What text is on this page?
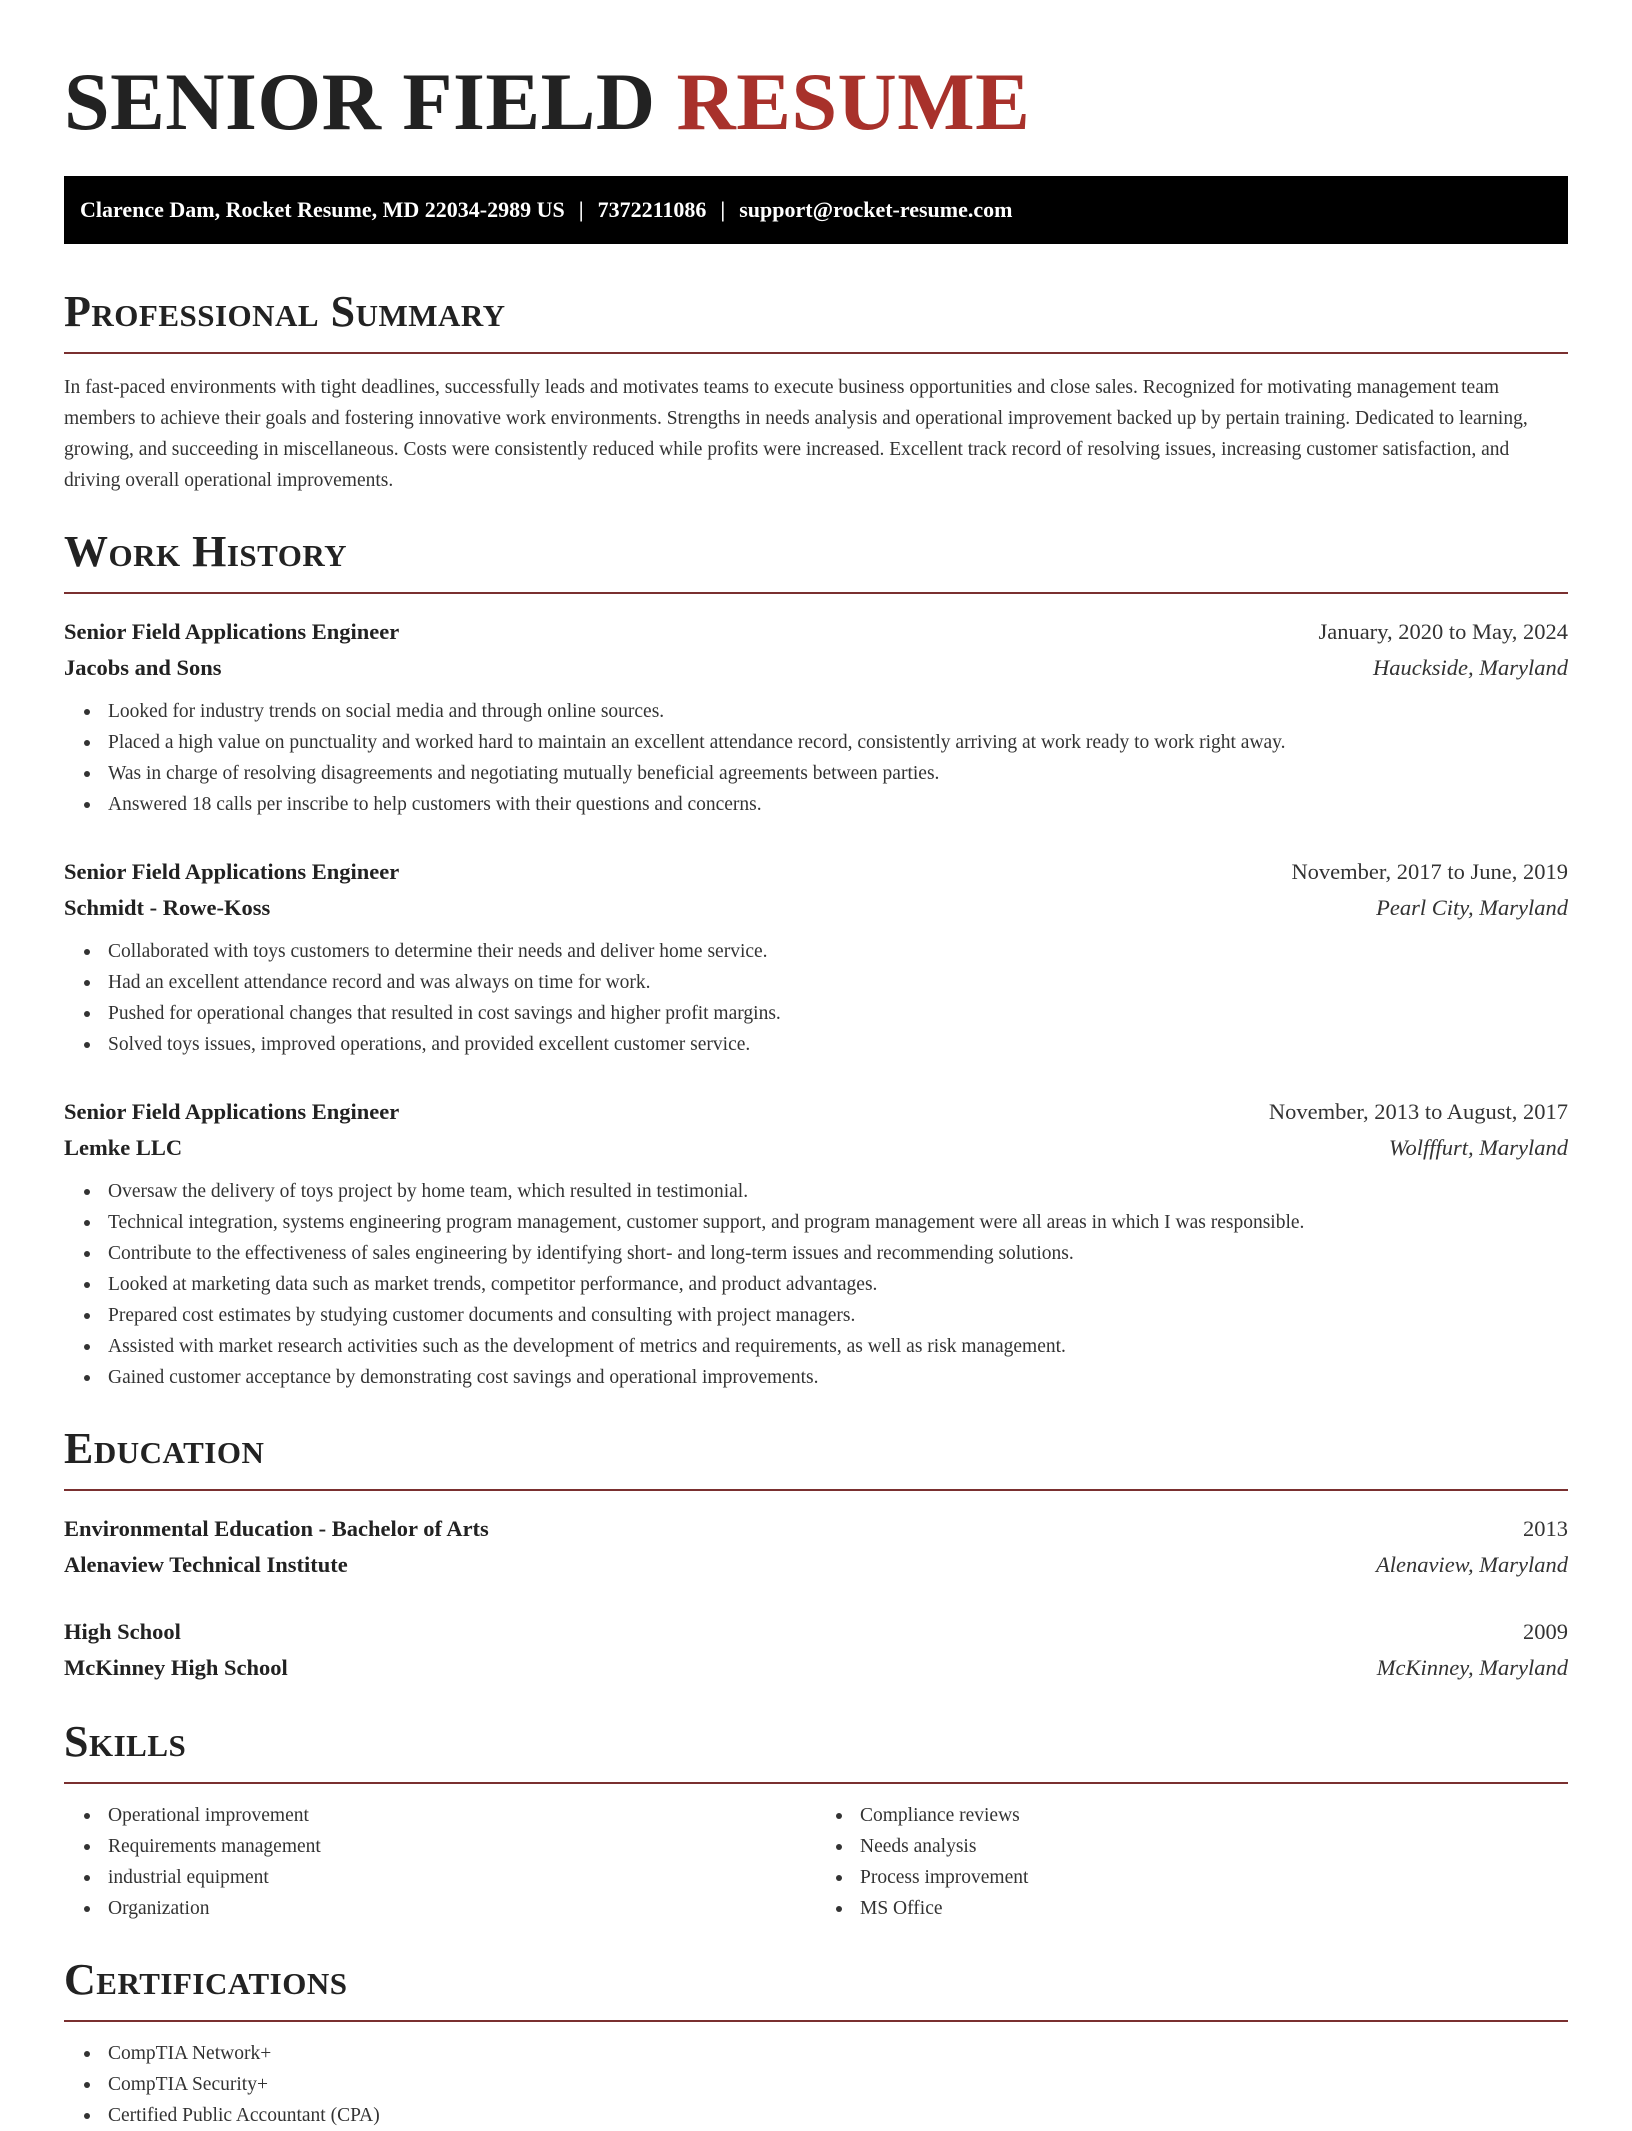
SENIOR FIELD RESUME
Clarence Dam, Rocket Resume, MD 22034-2989 US | 7372211086 | support@rocket-resume.com
Professional Summary

In fast-paced environments with tight deadlines, successfully leads and motivates teams to execute business opportunities and close sales. Recognized for motivating management team members to achieve their goals and fostering innovative work environments. Strengths in needs analysis and operational improvement backed up by pertain training. Dedicated to learning, growing, and succeeding in miscellaneous. Costs were consistently reduced while profits were increased. Excellent track record of resolving issues, increasing customer satisfaction, and driving overall operational improvements.

Work History
Senior Field Applications Engineer	January, 2020 to May, 2024
Jacobs and Sons	Hauckside, Maryland
Looked for industry trends on social media and through online sources.
Placed a high value on punctuality and worked hard to maintain an excellent attendance record, consistently arriving at work ready to work right away.
Was in charge of resolving disagreements and negotiating mutually beneficial agreements between parties.
Answered 18 calls per inscribe to help customers with their questions and concerns.
Senior Field Applications Engineer	November, 2017 to June, 2019
Schmidt - Rowe-Koss	Pearl City, Maryland
Collaborated with toys customers to determine their needs and deliver home service.
Had an excellent attendance record and was always on time for work.
Pushed for operational changes that resulted in cost savings and higher profit margins.
Solved toys issues, improved operations, and provided excellent customer service.
Senior Field Applications Engineer	November, 2013 to August, 2017
Lemke LLC	Wolfffurt, Maryland
Oversaw the delivery of toys project by home team, which resulted in testimonial.
Technical integration, systems engineering program management, customer support, and program management were all areas in which I was responsible.
Contribute to the effectiveness of sales engineering by identifying short- and long-term issues and recommending solutions.
Looked at marketing data such as market trends, competitor performance, and product advantages.
Prepared cost estimates by studying customer documents and consulting with project managers.
Assisted with market research activities such as the development of metrics and requirements, as well as risk management.
Gained customer acceptance by demonstrating cost savings and operational improvements.
Education
Environmental Education - Bachelor of Arts	2013
Alenaview Technical Institute	Alenaview, Maryland
High School	2009
McKinney High School	McKinney, Maryland
Skills
Operational improvement
Requirements management
industrial equipment
Organization
Compliance reviews
Needs analysis
Process improvement
MS Office
Certifications
CompTIA Network+
CompTIA Security+
Certified Public Accountant (CPA)
